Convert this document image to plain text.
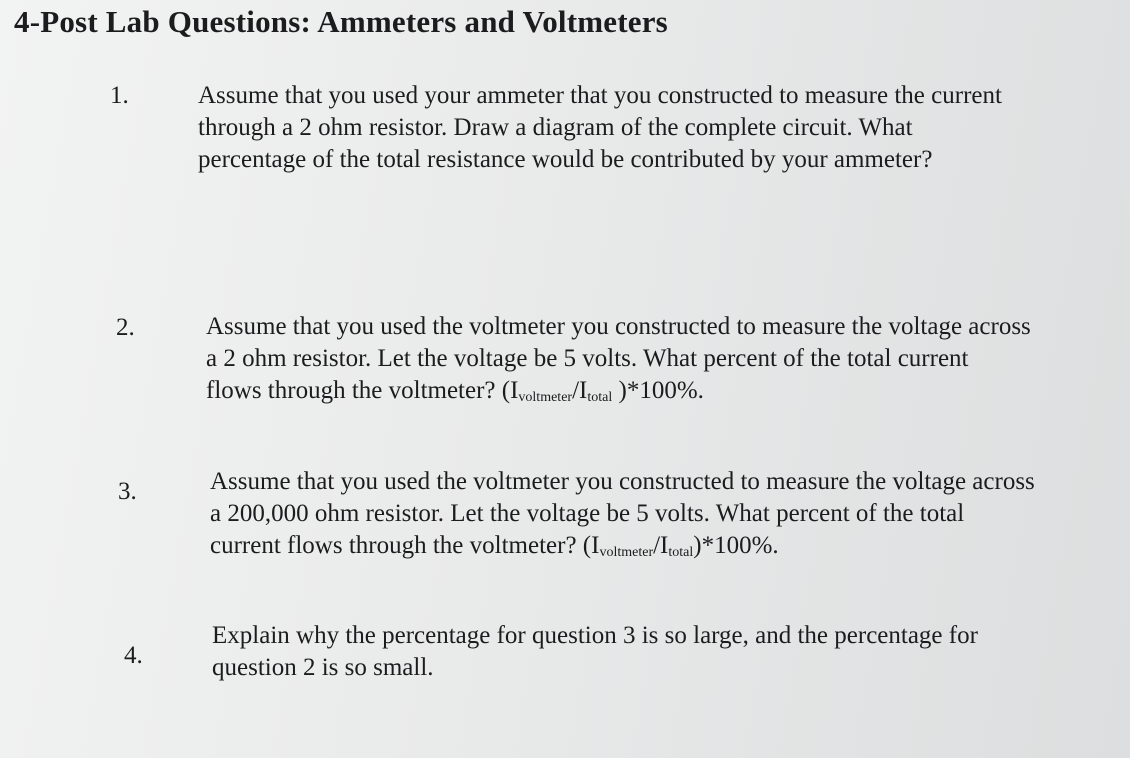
4-Post Lab Questions: Ammeters and Voltmeters
1.	Assume that you used your ammeter that you constructed to measure the current
through a 2 ohm resistor. Draw a diagram of the complete circuit. What
percentage of the total resistance would be contributed by your ammeter?
2.	Assume that you used the voltmeter you constructed to measure the voltage across
a 2 ohm resistor. Let the voltage be 5 volts. What percent of the total current
flows through the voltmeter? ($I_{voltmeter}/I_{total}$ )*100%.
3.	Assume that you used the voltmeter you constructed to measure the voltage across
a 200,000 ohm resistor. Let the voltage be 5 volts. What percent of the total
current flows through the voltmeter? $(I_{voltmeter}/I_{total})*100\%$.
4.
Explain why the percentage for question 3 is so large, and the percentage for
question 2 is so small.
